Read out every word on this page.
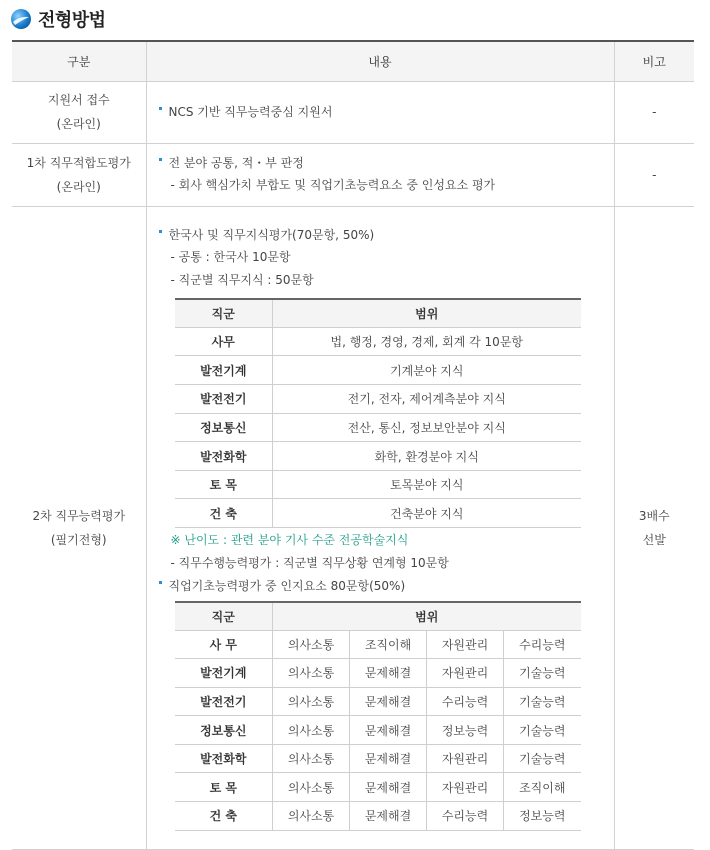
전형방법
구분	내용	비고

지원서 접수
(온라인)

NCS 기반 직무능력중심 지원서	-

1차 직무적합도평가
(온라인)

전 분야 공통, 적・부 판정
- 회사 핵심가치 부합도 및 직업기초능력요소 중 인성요소 평가
	-

2차 직무능력평가
(필기전형)

한국사 및 직무지식평가(70문항, 50%)
- 공통 : 한국사 10문항
- 직군별 직무지식 : 50문항
직군	범위
사무	법, 행정, 경영, 경제, 회계 각 10문항
발전기계	기계분야 지식
발전전기	전기, 전자, 제어계측분야 지식
정보통신	전산, 통신, 정보보안분야 지식
발전화학	화학, 환경분야 지식
토 목	토목분야 지식
건 축	건축분야 지식
※ 난이도 : 관련 분야 기사 수준 전공학술지식
- 직무수행능력평가 : 직군별 직무상황 연계형 10문항
직업기초능력평가 중 인지요소 80문항(50%)
직군	범위
사 무	의사소통	조직이해	자원관리	수리능력
발전기계	의사소통	문제해결	자원관리	기술능력
발전전기	의사소통	문제해결	수리능력	기술능력
정보통신	의사소통	문제해결	정보능력	기술능력
발전화학	의사소통	문제해결	자원관리	기술능력
토 목	의사소통	문제해결	자원관리	조직이해
건 축	의사소통	문제해결	수리능력	정보능력

3배수
선발
